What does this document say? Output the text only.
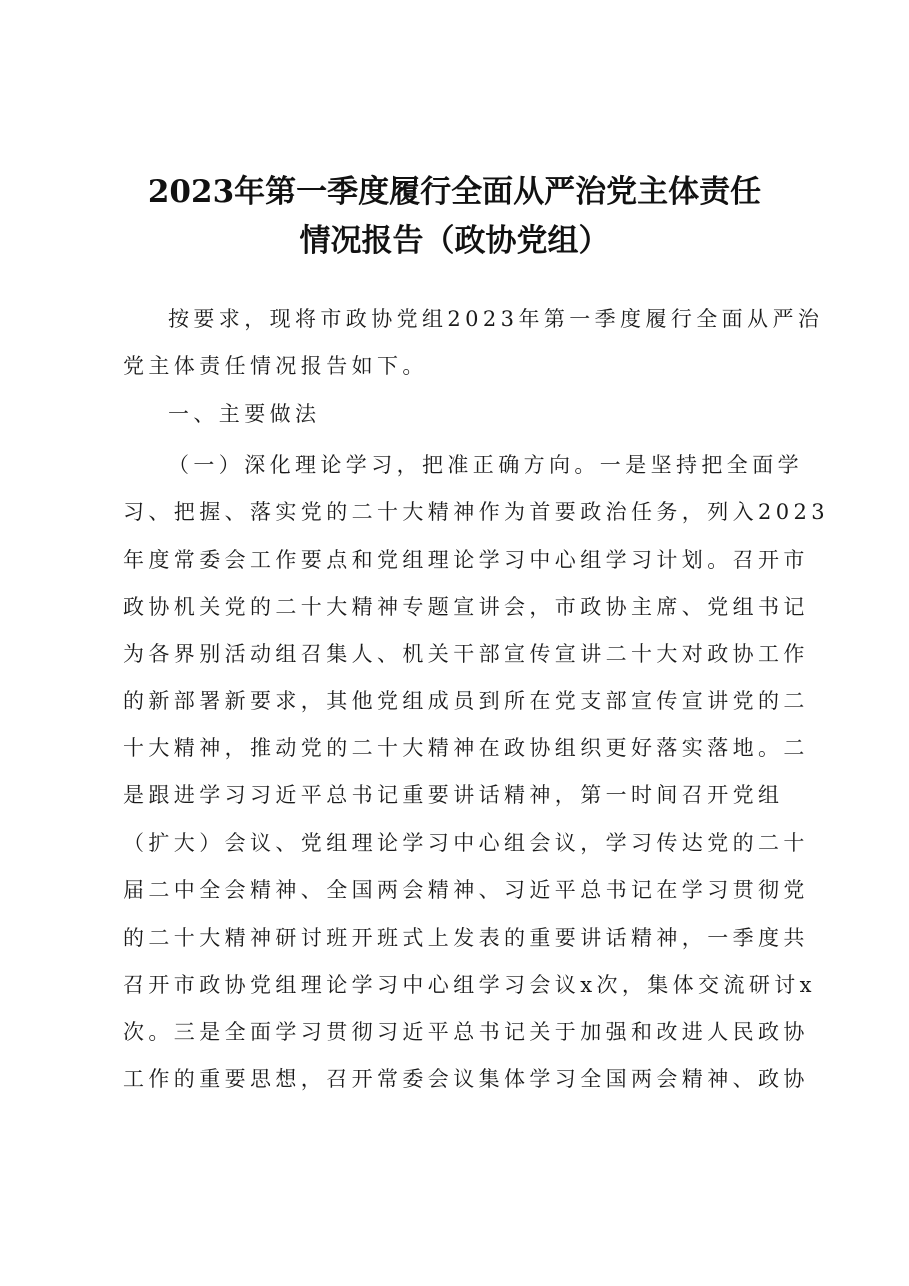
2023年第一季度履行全面从严治党主体责任
情况报告（政协党组）
按要求，现将市政协党组2023年第一季度履行全面从严治
党主体责任情况报告如下。
一、主要做法
（一）深化理论学习，把准正确方向。一是坚持把全面学
习、把握、落实党的二十大精神作为首要政治任务，列入2023
年度常委会工作要点和党组理论学习中心组学习计划。召开市
政协机关党的二十大精神专题宣讲会，市政协主席、党组书记
为各界别活动组召集人、机关干部宣传宣讲二十大对政协工作
的新部署新要求，其他党组成员到所在党支部宣传宣讲党的二
十大精神，推动党的二十大精神在政协组织更好落实落地。二
是跟进学习习近平总书记重要讲话精神，第一时间召开党组
（扩大）会议、党组理论学习中心组会议，学习传达党的二十
届二中全会精神、全国两会精神、习近平总书记在学习贯彻党
的二十大精神研讨班开班式上发表的重要讲话精神，一季度共
召开市政协党组理论学习中心组学习会议x次，集体交流研讨x
次。三是全面学习贯彻习近平总书记关于加强和改进人民政协
工作的重要思想，召开常委会议集体学习全国两会精神、政协
